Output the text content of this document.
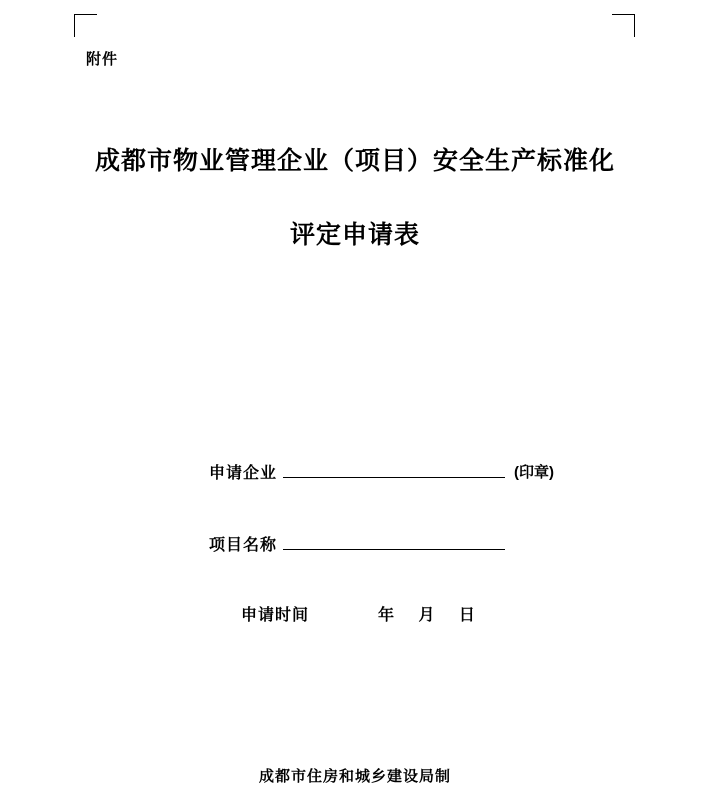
附件
成都市物业管理企业（项目）安全生产标准化
评定申请表
申请企业	(印章)
项目名称
申请时间	年 月 日
成都市住房和城乡建设局制
